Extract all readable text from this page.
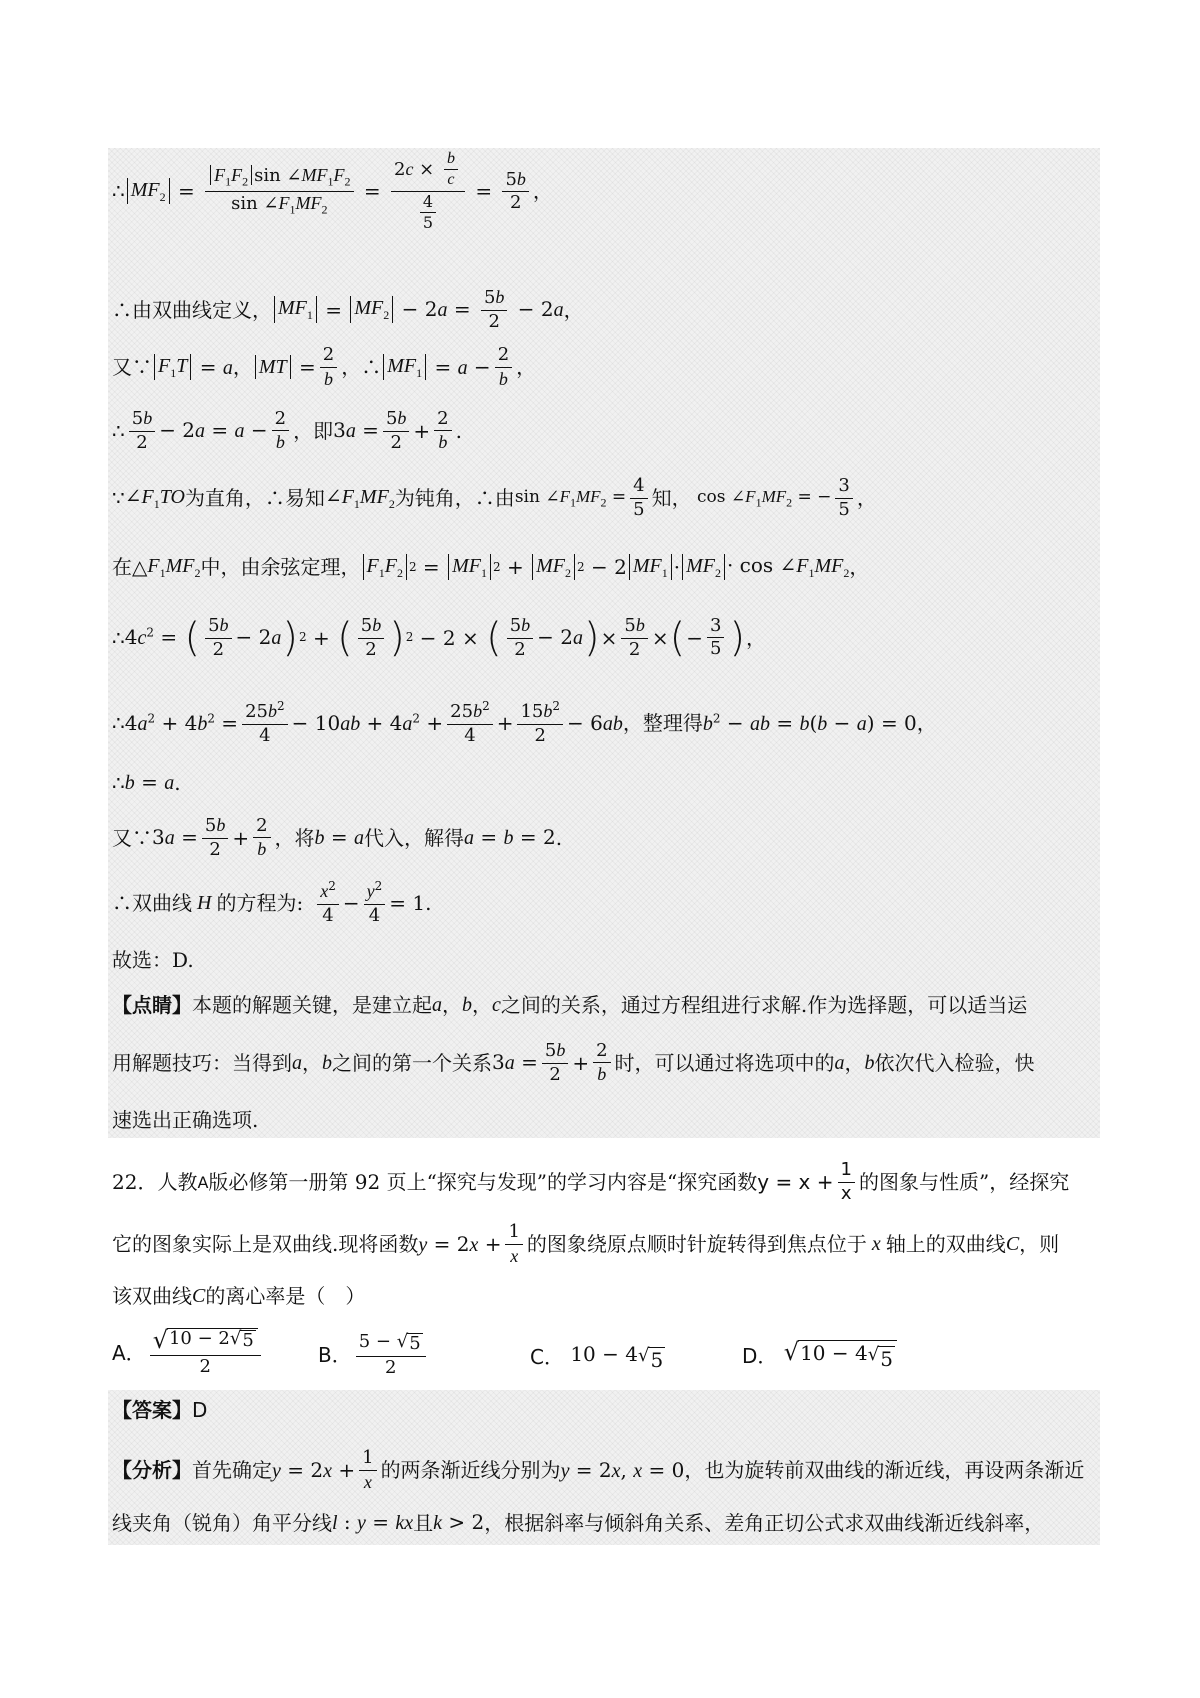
∴ $MF_2 = \frac{F_1F_2 \sin \angle MF_1F_2}{\sin \angle F_1MF_2} = \frac{2c \times \frac{b}{c}}{\frac{4}{5}} = \frac{5b}{2}$ ，
∴由双曲线定义， $MF_1 = MF_2 - 2a = \frac{5b}{2} - 2a$ ，
又∵ $F_1T = a$ ， MT = $\frac{2}{b}$ ，∴ $MF_1 = a - \frac{2}{b}$ ，
∴ $\frac{5b}{2} - 2a = a - \frac{2}{b}$ ，即 $3a = \frac{5b}{2} + \frac{2}{b}$ .
∵ $\angle F_1TO$ 为直角，∴易知 $\angle F_1MF_2$ 为钝角，∴由 $\sin \angle F_1MF_2 = \frac{4}{5}$ 知， $\cos \angle F_1MF_2$ = − $\frac{3}{5}$ ，
在△ $F_1MF_2$ 中，由余弦定理， $F_1F_2$ $2 = MF_1$ $2 + MF_2$ 2 − 2 $MF_1 \cdot MF_2 \cdot \cos$ $\angle F_1MF_2$ ，
∴ $4c^2$ = ( $\frac{5b}{2} - 2a$ ) 2 + ( $\frac{5b}{2}$ ) 2 − 2 × ( $\frac{5b}{2} - 2a$ ) × $\frac{5b}{2}$ × ( − $\frac{3}{5}$ ) ，
∴ $4a^2 + 4b^2 = \frac{25b^2}{4} - 10ab + 4a^2 + \frac{25b^2}{4} + \frac{15b^2}{2} - 6ab$ ，整理得 $b^2$ − ab = b(b − a) = 0 ，
∴ b = a .
又∵ $3a = \frac{5b}{2} + \frac{2}{b}$ ，将 b = a 代入，解得 a = b = 2 .
∴双曲线 H 的方程为: $\frac{x^2}{4} - \frac{y^2}{4} = 1$ .
故选：D.
【点睛】 本题的解题关键，是建立起 a ， b ， c 之间的关系，通过方程组进行求解.作为选择题，可以适当运
用解题技巧：当得到 a ， b 之间的第一个关系 $3a = \frac{5b}{2} + \frac{2}{b}$ 时，可以通过将选项中的 a ， b 依次代入检验，快
速选出正确选项.
22． 人教 A 版必修第一册第 92 页上“探究与发现”的学习内容是“探究函数 $y = x + \frac{1}{x}$ 的图象与性质”，经探究
它的图象实际上是双曲线.现将函数 $y = 2x + \frac{1}{x}$ 的图象绕原点顺时针旋转得到焦点位于 x 轴上的双曲线 C ，则
该双曲线 C 的离心率是（　）
A． $\frac{√ 10 - 2 √ 5}{2}$	B． $\frac{5 - √ 5}{2}$	C． 10 − 4 √ 5	D．
√ 10 − 4 √ 5
【答案】 D
【分析】 首先确定 $y = 2x + \frac{1}{x}$ 的两条渐近线分别为 y = 2x, x = 0 ，也为旋转前双曲线的渐近线，再设两条渐近
线夹角（锐角）角平分线 l : y = kx 且 k > 2 ，根据斜率与倾斜角关系、差角正切公式求双曲线渐近线斜率，
